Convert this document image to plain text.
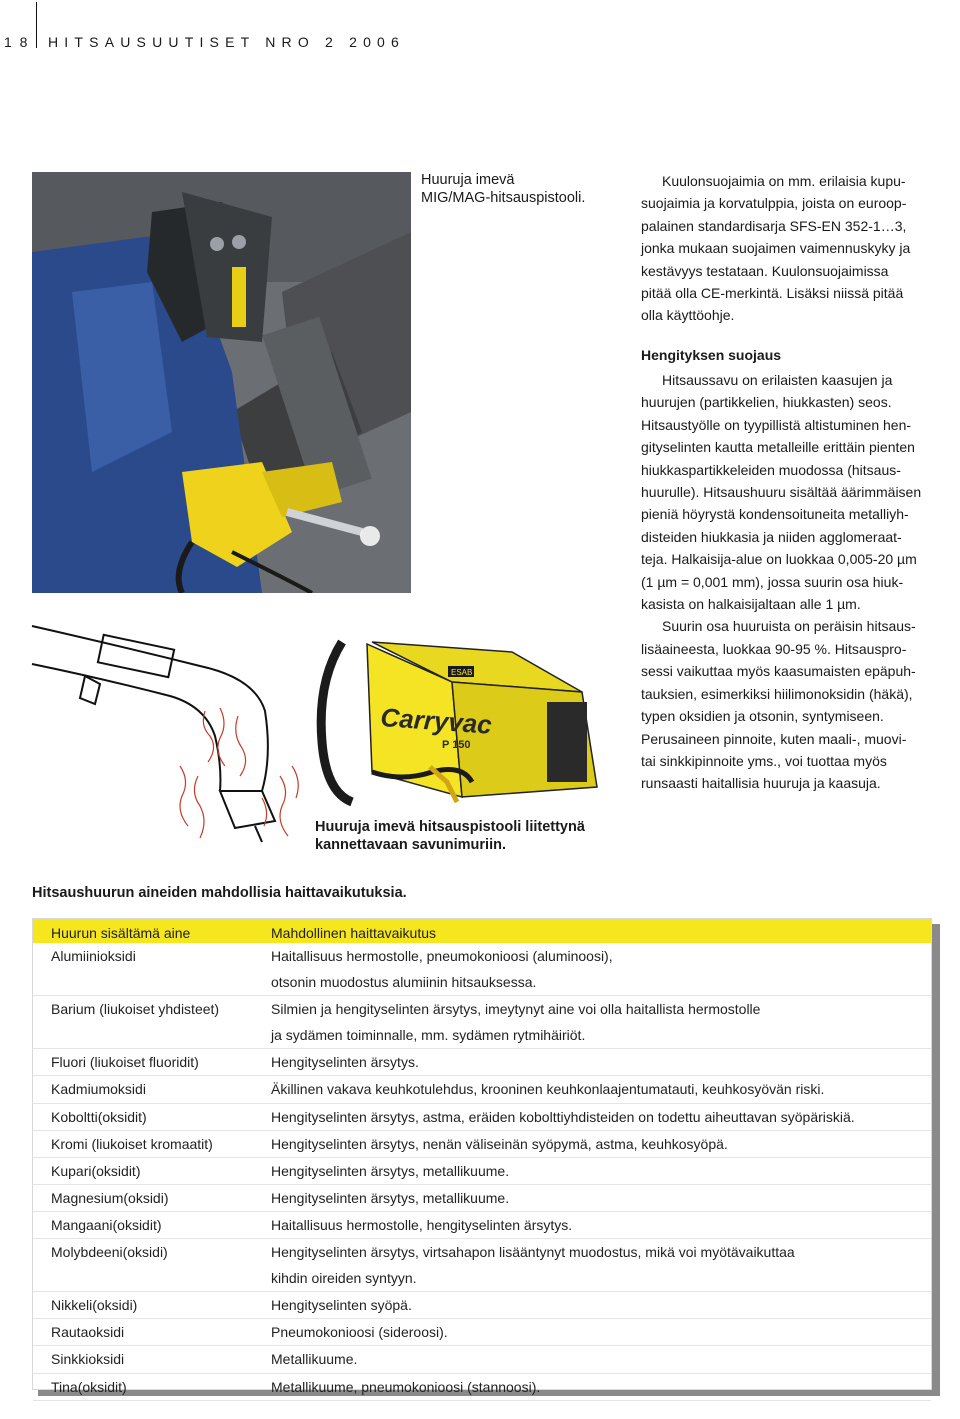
1 8 HITSAUSUUTISET NRO 2 2006
Huuruja imevä
MIG/MAG-hitsauspistooli.

Kuulonsuojaimia on mm. erilaisia kupu-
suojaimia ja korvatulppia, joista on euroop-
palainen standardisarja SFS-EN 352-1…3,
jonka mukaan suojaimen vaimennuskyky ja
kestävyys testataan. Kuulonsuojaimissa
pitää olla CE-merkintä. Lisäksi niissä pitää
olla käyttöohje.

Hengityksen suojaus

Hitsaussavu on erilaisten kaasujen ja
huurujen (partikkelien, hiukkasten) seos.
Hitsaustyölle on tyypillistä altistuminen hen-
gityselinten kautta metalleille erittäin pienten
hiukkaspartikkeleiden muodossa (hitsaus-
huurulle). Hitsaushuuru sisältää äärimmäisen
pieniä höyrystä kondensoituneita metalliyh-
disteiden hiukkasia ja niiden agglomeraat-
teja. Halkaisija-alue on luokkaa 0,005-20 µm
(1 µm = 0,001 mm), jossa suurin osa hiuk-
kasista on halkaisijaltaan alle 1 µm.

Suurin osa huuruista on peräisin hitsaus-
lisäaineesta, luokkaa 90-95 %. Hitsauspro-
sessi vaikuttaa myös kaasumaisten epäpuh-
tauksien, esimerkiksi hiilimonoksidin (häkä),
typen oksidien ja otsonin, syntymiseen.
Perusaineen pinnoite, kuten maali-, muovi-
tai sinkkipinnoite yms., voi tuottaa myös
runsaasti haitallisia huuruja ja kaasuja.

Carryvac
P 150
ESAB
Huuruja imevä hitsauspistooli liitettynä
kannettavaan savunimuriin.
Hitsaushuurun aineiden mahdollisia haittavaikutuksia.
Huurun sisältämä aine	Mahdollinen haittavaikutus
Alumiinioksidi	Haitallisuus hermostolle, pneumokonioosi (aluminoosi),
otsonin muodostus alumiinin hitsauksessa.
Barium (liukoiset yhdisteet)	Silmien ja hengityselinten ärsytys, imeytynyt aine voi olla haitallista hermostolle
ja sydämen toiminnalle, mm. sydämen rytmihäiriöt.
Fluori (liukoiset fluoridit)	Hengityselinten ärsytys.
Kadmiumoksidi	Äkillinen vakava keuhkotulehdus, krooninen keuhkonlaajentumatauti, keuhkosyövän riski.
Koboltti(oksidit)	Hengityselinten ärsytys, astma, eräiden kobolttiyhdisteiden on todettu aiheuttavan syöpäriskiä.
Kromi (liukoiset kromaatit)	Hengityselinten ärsytys, nenän väliseinän syöpymä, astma, keuhkosyöpä.
Kupari(oksidit)	Hengityselinten ärsytys, metallikuume.
Magnesium(oksidi)	Hengityselinten ärsytys, metallikuume.
Mangaani(oksidit)	Haitallisuus hermostolle, hengityselinten ärsytys.
Molybdeeni(oksidi)	Hengityselinten ärsytys, virtsahapon lisääntynyt muodostus, mikä voi myötävaikuttaa
kihdin oireiden syntyyn.
Nikkeli(oksidi)	Hengityselinten syöpä.
Rautaoksidi	Pneumokonioosi (sideroosi).
Sinkkioksidi	Metallikuume.
Tina(oksidit)	Metallikuume, pneumokonioosi (stannoosi).
